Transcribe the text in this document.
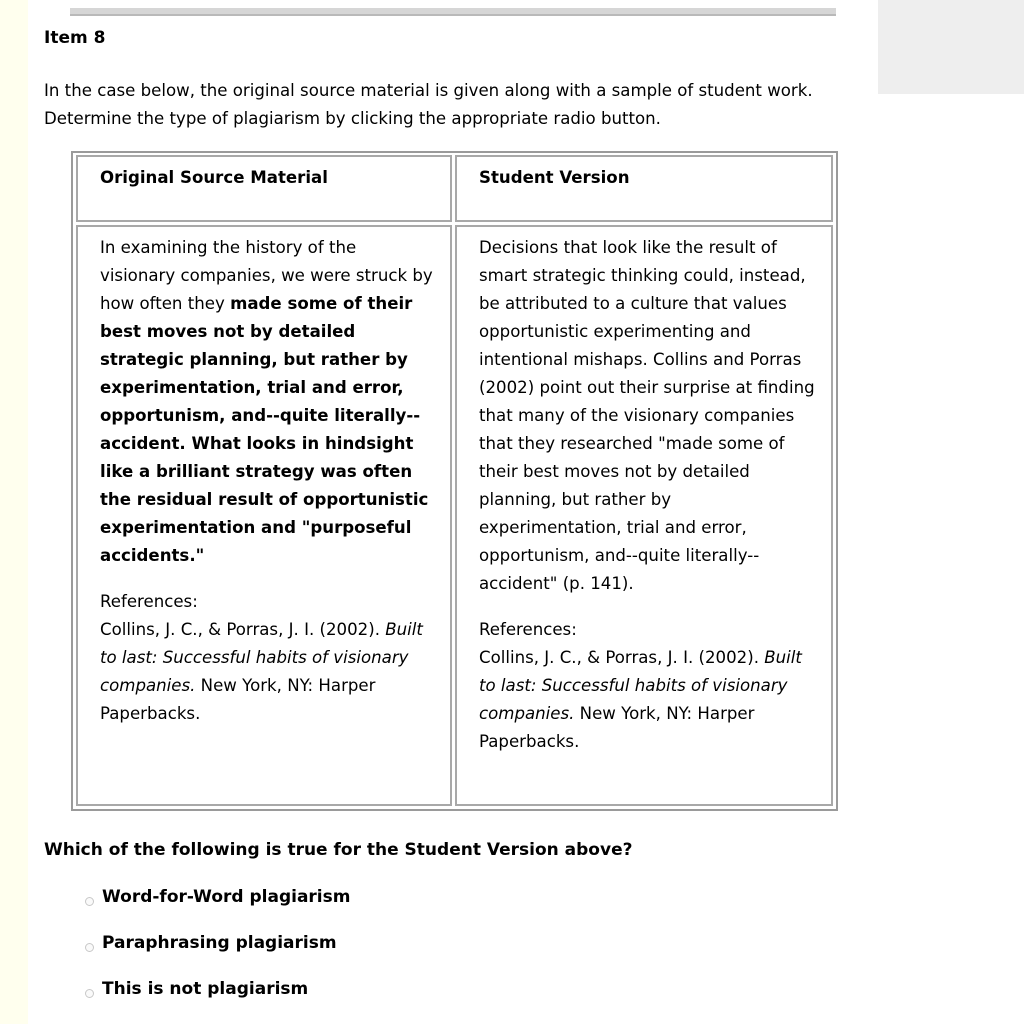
Item 8
In the case below, the original source material is given along with a sample of student work. Determine the type of plagiarism by clicking the appropriate radio button.
Original Source Material	Student Version
In examining the history of the visionary companies, we were struck by how often they made some of their best moves not by detailed strategic planning, but rather by experimentation, trial and error, opportunism, and--quite literally--accident. What looks in hindsight like a brilliant strategy was often the residual result of opportunistic experimentation and "purposeful accidents."
References:
Collins, J. C., & Porras, J. I. (2002). Built to last: Successful habits of visionary companies. New York, NY: Harper Paperbacks.
Decisions that look like the result of smart strategic thinking could, instead, be attributed to a culture that values opportunistic experimenting and intentional mishaps. Collins and Porras (2002) point out their surprise at finding that many of the visionary companies that they researched "made some of their best moves not by detailed planning, but rather by experimentation, trial and error, opportunism, and--quite literally--accident" (p. 141).
References:
Collins, J. C., & Porras, J. I. (2002). Built to last: Successful habits of visionary companies. New York, NY: Harper Paperbacks.
Which of the following is true for the Student Version above?
Word-for-Word plagiarism
Paraphrasing plagiarism
This is not plagiarism
